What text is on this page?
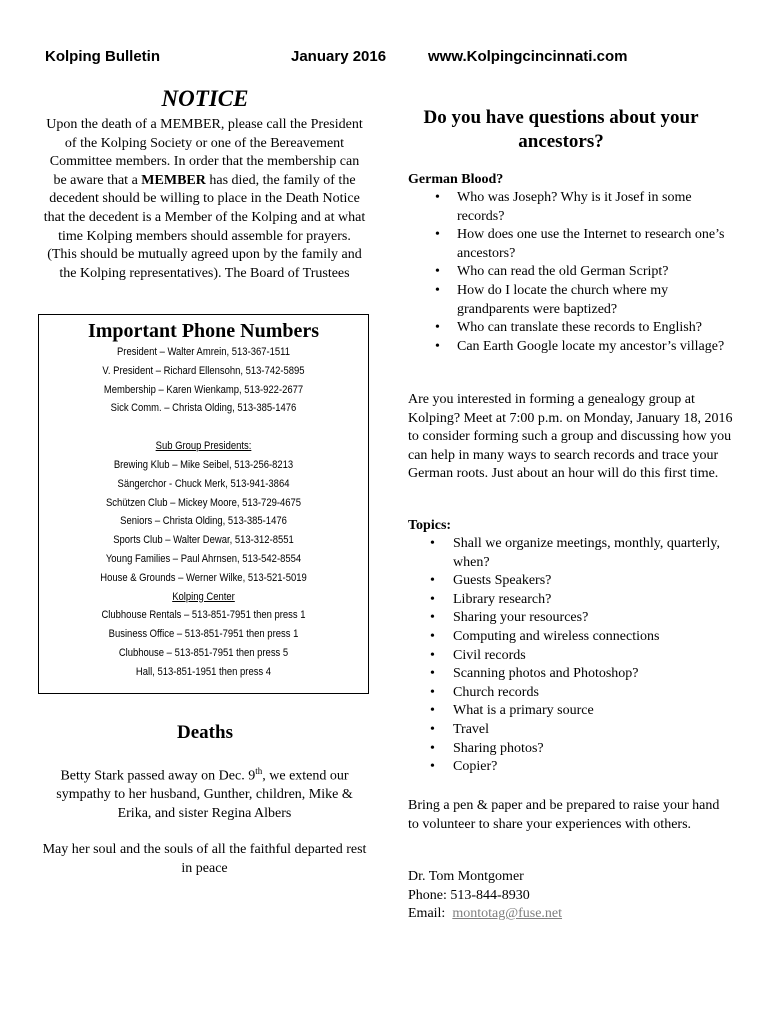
Kolping Bulletin	January 2016	www.Kolpingcincinnati.com
NOTICE
Upon the death of a MEMBER, please call the President of the Kolping Society or one of the Bereavement Committee members. In order that the membership can be aware that a MEMBER has died, the family of the decedent should be willing to place in the Death Notice that the decedent is a Member of the Kolping and at what time Kolping members should assemble for prayers. (This should be mutually agreed upon by the family and the Kolping representatives). The Board of Trustees
Important Phone Numbers
President – Walter Amrein, 513-367-1511
V. President – Richard Ellensohn, 513-742-5895
Membership – Karen Wienkamp, 513-922-2677
Sick Comm. – Christa Olding, 513-385-1476
Sub Group Presidents:
Brewing Klub – Mike Seibel, 513-256-8213
Sängerchor - Chuck Merk, 513-941-3864
Schützen Club – Mickey Moore, 513-729-4675
Seniors – Christa Olding, 513-385-1476
Sports Club – Walter Dewar, 513-312-8551
Young Families – Paul Ahrnsen, 513-542-8554
House & Grounds – Werner Wilke, 513-521-5019
Kolping Center
Clubhouse Rentals – 513-851-7951 then press 1
Business Office – 513-851-7951 then press 1
Clubhouse – 513-851-7951 then press 5
Hall, 513-851-1951 then press 4
Deaths

Betty Stark passed away on Dec. 9th, we extend our sympathy to her husband, Gunther, children, Mike & Erika, and sister Regina Albers

May her soul and the souls of all the faithful departed rest in peace

Do you have questions about your ancestors?
German Blood?
• Who was Joseph? Why is it Josef in some records?
• How does one use the Internet to research one’s ancestors?
• Who can read the old German Script?
• How do I locate the church where my grandparents were baptized?
• Who can translate these records to English?
• Can Earth Google locate my ancestor’s village?
Are you interested in forming a genealogy group at Kolping? Meet at 7:00 p.m. on Monday, January 18, 2016 to consider forming such a group and discussing how you can help in many ways to search records and trace your German roots. Just about an hour will do this first time.
Topics:
• Shall we organize meetings, monthly, quarterly, when?
• Guests Speakers?
• Library research?
• Sharing your resources?
• Computing and wireless connections
• Civil records
• Scanning photos and Photoshop?
• Church records
• What is a primary source
• Travel
• Sharing photos?
• Copier?
Bring a pen & paper and be prepared to raise your hand to volunteer to share your experiences with others.
Dr. Tom Montgomer
Phone: 513-844-8930
Email:  montotag@fuse.net
